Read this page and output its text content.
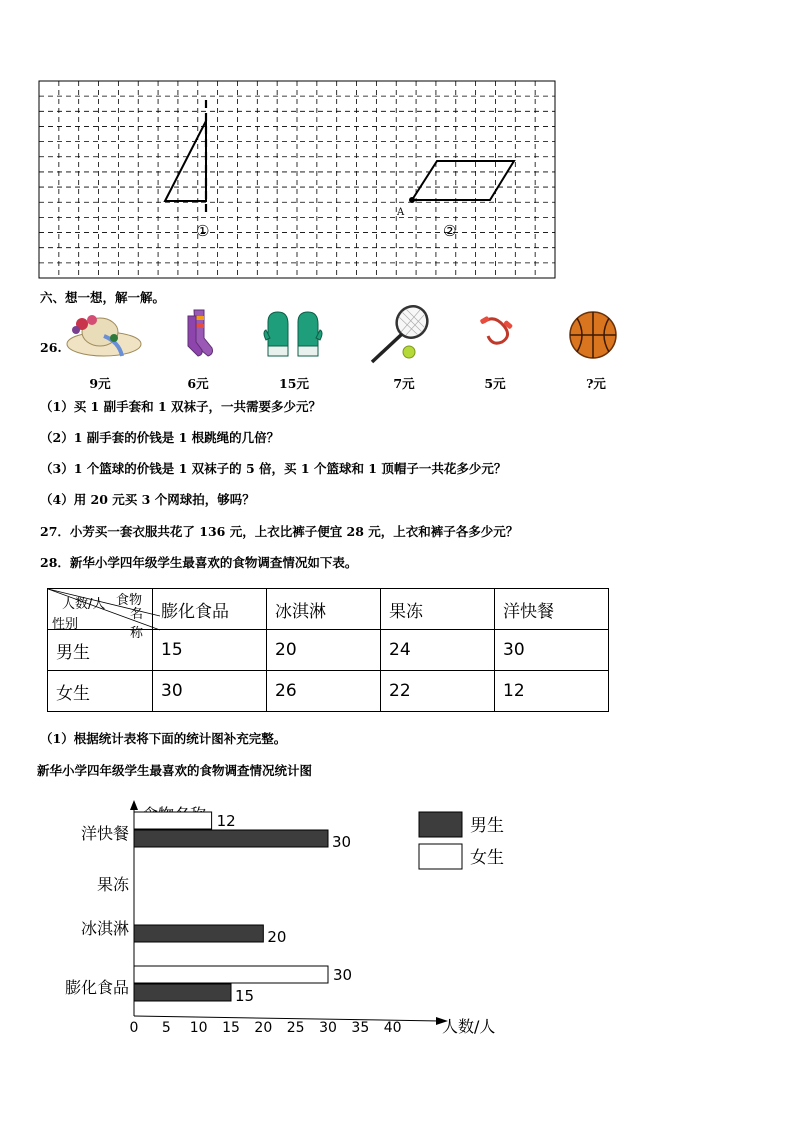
A
①	②
六、想一想，解一解。
26.
9元	6元	15元	7元	5元	?元
（1）买 1 副手套和 1 双袜子，一共需要多少元？
（2）1 副手套的价钱是 1 根跳绳的几倍？
（3）1 个篮球的价钱是 1 双袜子的 5 倍，买 1 个篮球和 1 顶帽子一共花多少元？
（4）用 20 元买 3 个网球拍，够吗？
27．小芳买一套衣服共花了 136 元，上衣比裤子便宜 28 元，上衣和裤子各多少元？
28．新华小学四年级学生最喜欢的食物调查情况如下表。
食物
名称
人数/人
性别	膨化食品	冰淇淋	果冻	洋快餐
男生	15	20	24	30
女生	30	26	22	12
（1）根据统计表将下面的统计图补充完整。
新华小学四年级学生最喜欢的食物调查情况统计图
人数/人
0 5 10 15 20 25 30 35 40
膨化食品
冰淇淋
果冻
洋快餐
30
15
20
12
30
男生
女生
